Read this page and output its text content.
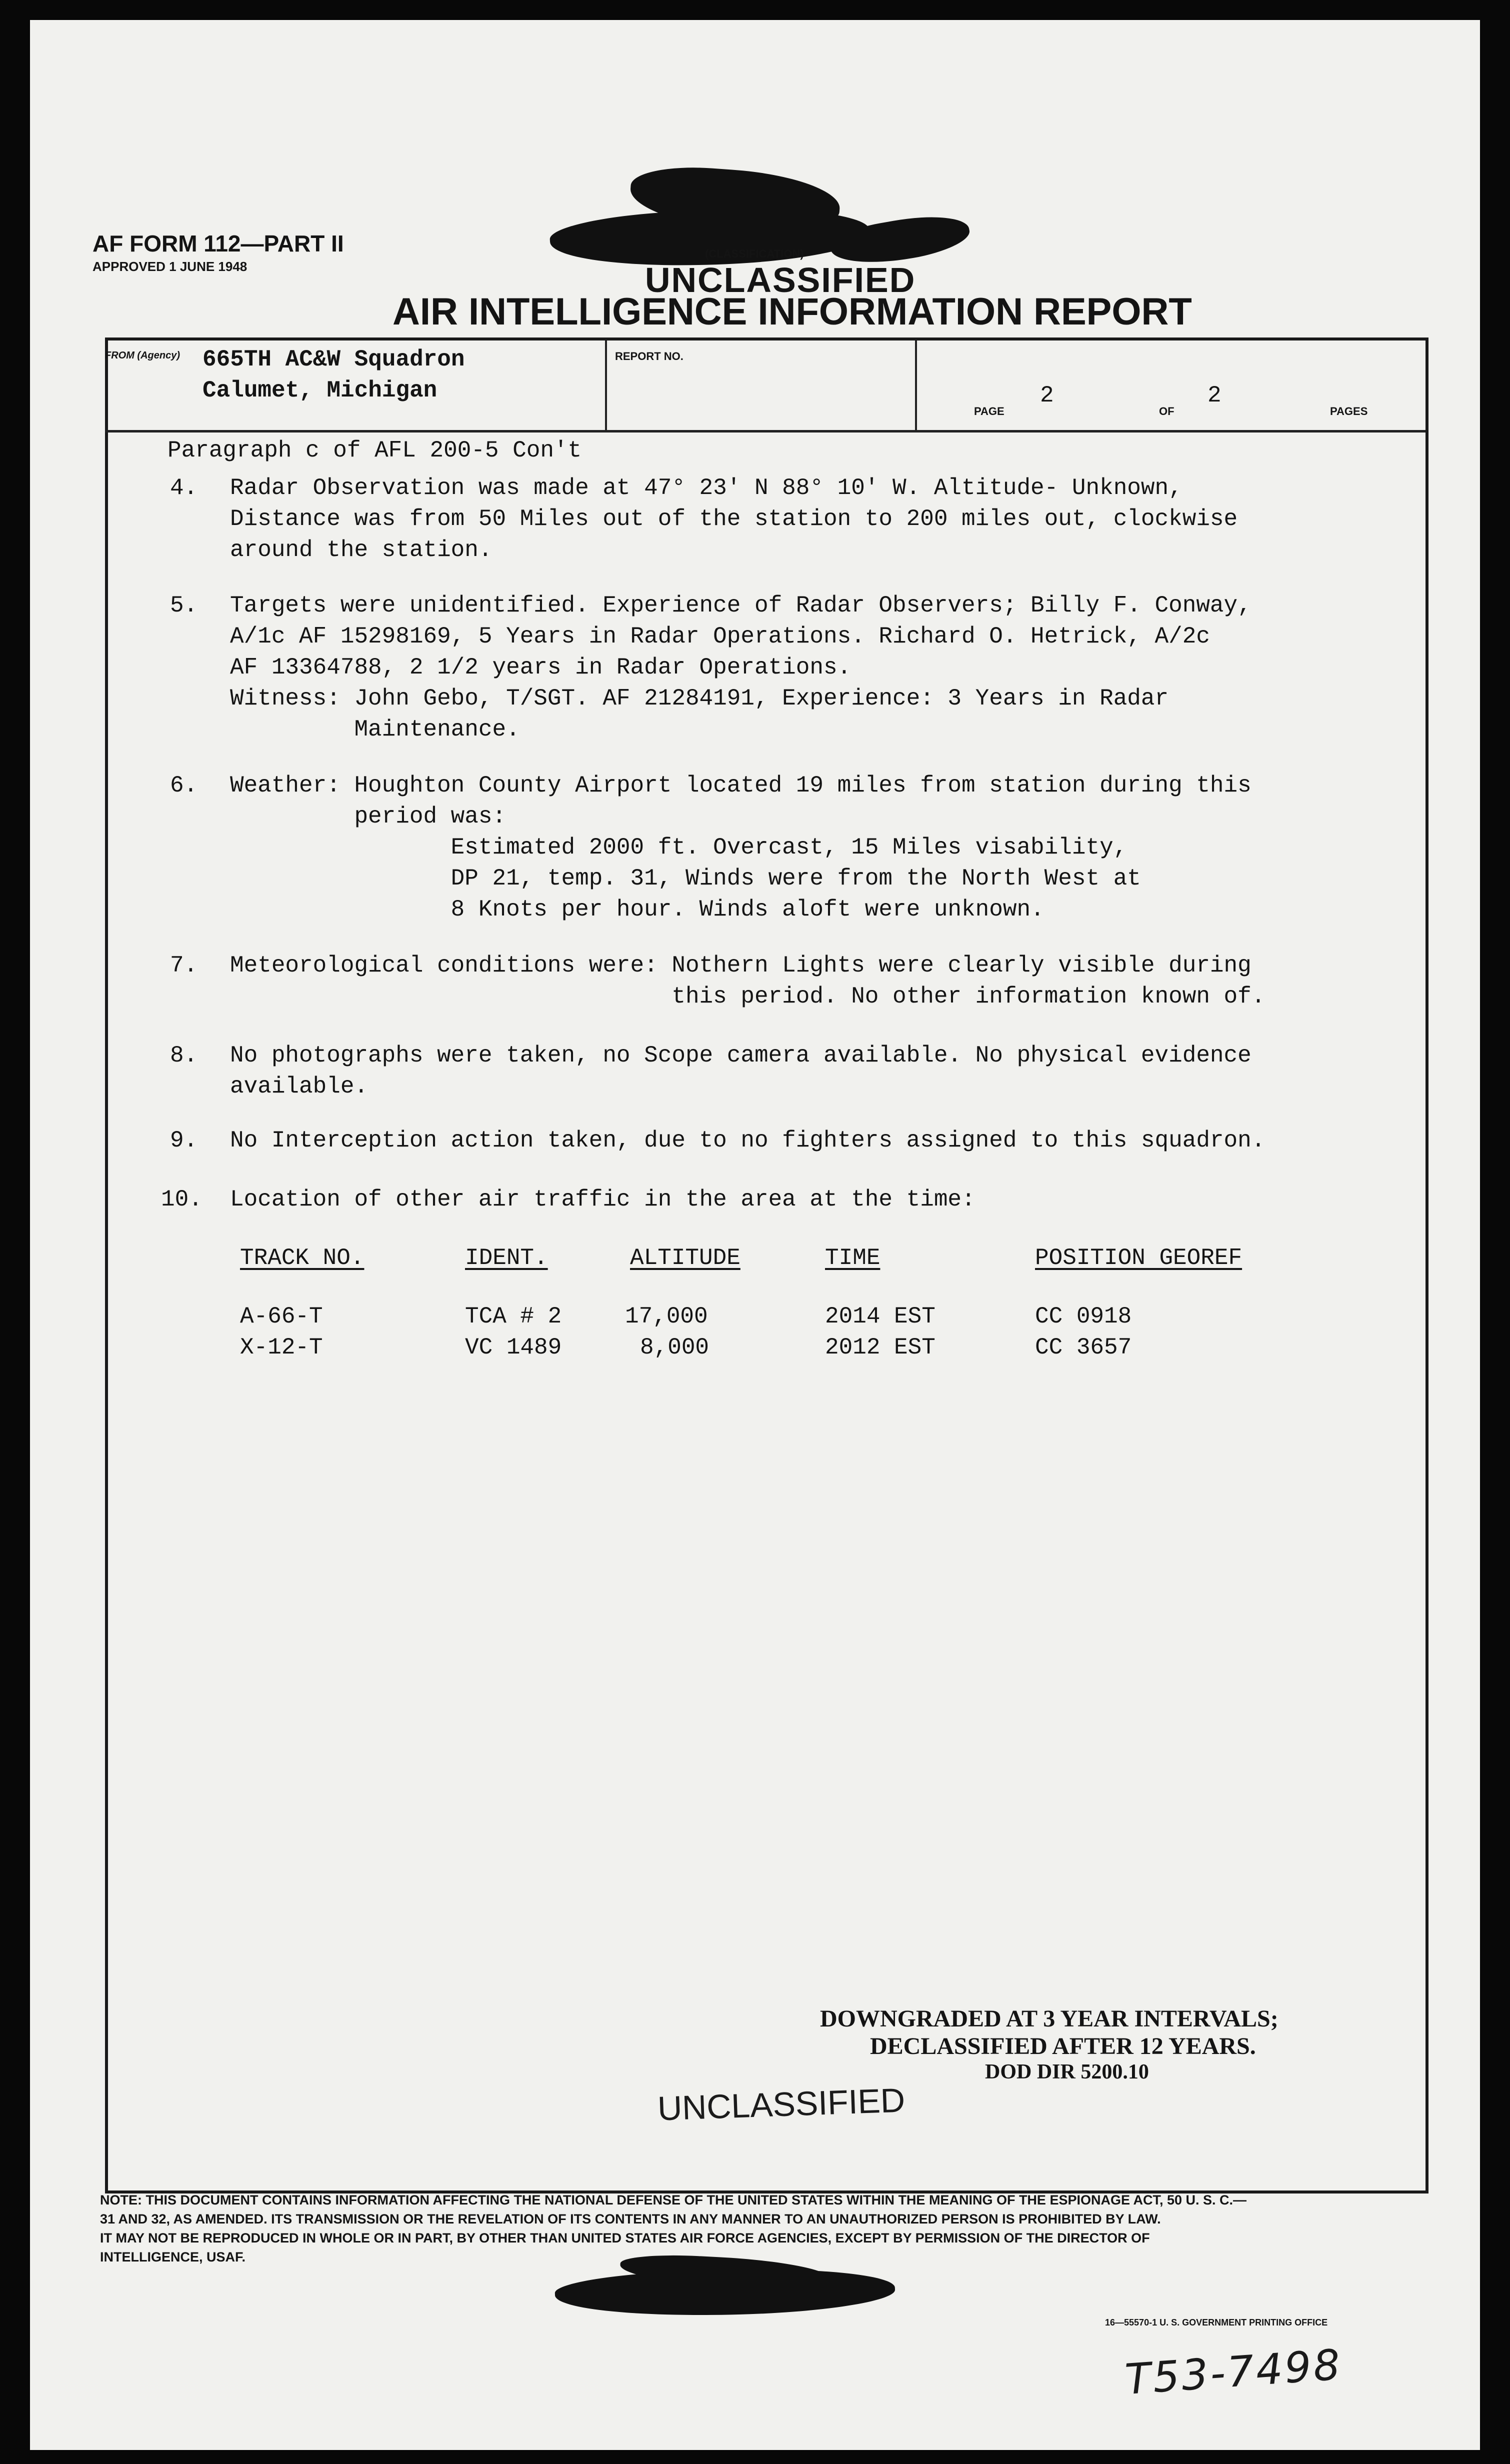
AF FORM 112—PART II
APPROVED 1 JUNE 1948
(CLASSIFICATION)
UNCLASSIFIED
AIR INTELLIGENCE INFORMATION REPORT
FROM (Agency) 665TH AC&W Squadron
Calumet, Michigan
REPORT NO.
PAGE
2
OF
2
PAGES
Paragraph c of AFL 200-5 Con't
4. Radar Observation was made at 47° 23' N 88° 10' W. Altitude- Unknown,
Distance was from 50 Miles out of the station to 200 miles out, clockwise
around the station.
5. Targets were unidentified. Experience of Radar Observers; Billy F. Conway,
A/1c AF 15298169, 5 Years in Radar Operations. Richard O. Hetrick, A/2c
AF 13364788, 2 1/2 years in Radar Operations.
Witness: John Gebo, T/SGT. AF 21284191, Experience: 3 Years in Radar
Maintenance.
6. Weather: Houghton County Airport located 19 miles from station during this
period was:
Estimated 2000 ft. Overcast, 15 Miles visability,
DP 21, temp. 31, Winds were from the North West at
8 Knots per hour. Winds aloft were unknown.
7. Meteorological conditions were: Nothern Lights were clearly visible during
this period. No other information known of.
8. No photographs were taken, no Scope camera available. No physical evidence
available.
9. No Interception action taken, due to no fighters assigned to this squadron.
10. Location of other air traffic in the area at the time:
TRACK NO.	IDENT.	ALTITUDE	TIME	POSITION GEOREF
A-66-T	TCA # 2	17,000	2014 EST	CC 0918
X-12-T	VC 1489	8,000	2012 EST	CC 3657
DOWNGRADED AT 3 YEAR INTERVALS;
DECLASSIFIED AFTER 12 YEARS.
DOD DIR 5200.10
UNCLASSIFIED
NOTE: THIS DOCUMENT CONTAINS INFORMATION AFFECTING THE NATIONAL DEFENSE OF THE UNITED STATES WITHIN THE MEANING OF THE ESPIONAGE ACT, 50 U. S. C.—
31 AND 32, AS AMENDED. ITS TRANSMISSION OR THE REVELATION OF ITS CONTENTS IN ANY MANNER TO AN UNAUTHORIZED PERSON IS PROHIBITED BY LAW.
IT MAY NOT BE REPRODUCED IN WHOLE OR IN PART, BY OTHER THAN UNITED STATES AIR FORCE AGENCIES, EXCEPT BY PERMISSION OF THE DIRECTOR OF
INTELLIGENCE, USAF.
16—55570-1 U. S. GOVERNMENT PRINTING OFFICE
T53-7498
